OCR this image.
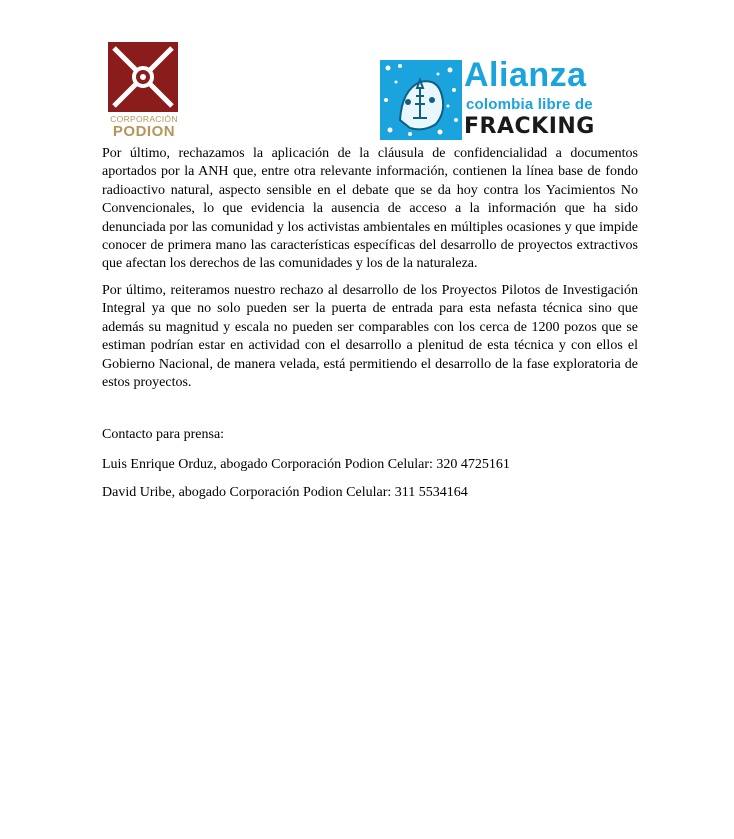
CORPORACIÓN
PODION
Alianza
colombia libre de
FRACKING
Por último, rechazamos la aplicación de la cláusula de confidencialidad a documentos aportados por la ANH que, entre otra relevante información, contienen la línea base de fondo radioactivo natural, aspecto sensible en el debate que se da hoy contra los Yacimientos No Convencionales, lo que evidencia la ausencia de acceso a la información que ha sido denunciada por las comunidad y los activistas ambientales en múltiples ocasiones y que impide conocer de primera mano las características específicas del desarrollo de proyectos extractivos que afectan los derechos de las comunidades y los de la naturaleza.
Por último, reiteramos nuestro rechazo al desarrollo de los Proyectos Pilotos de Investigación Integral ya que no solo pueden ser la puerta de entrada para esta nefasta técnica sino que además su magnitud y escala no pueden ser comparables con los cerca de 1200 pozos que se estiman podrían estar en actividad con el desarrollo a plenitud de esta técnica y con ellos el Gobierno Nacional, de manera velada, está permitiendo el desarrollo de la fase exploratoria de estos proyectos.
Contacto para prensa:
Luis Enrique Orduz, abogado Corporación Podion Celular: 320 4725161
David Uribe, abogado Corporación Podion Celular: 311 5534164
